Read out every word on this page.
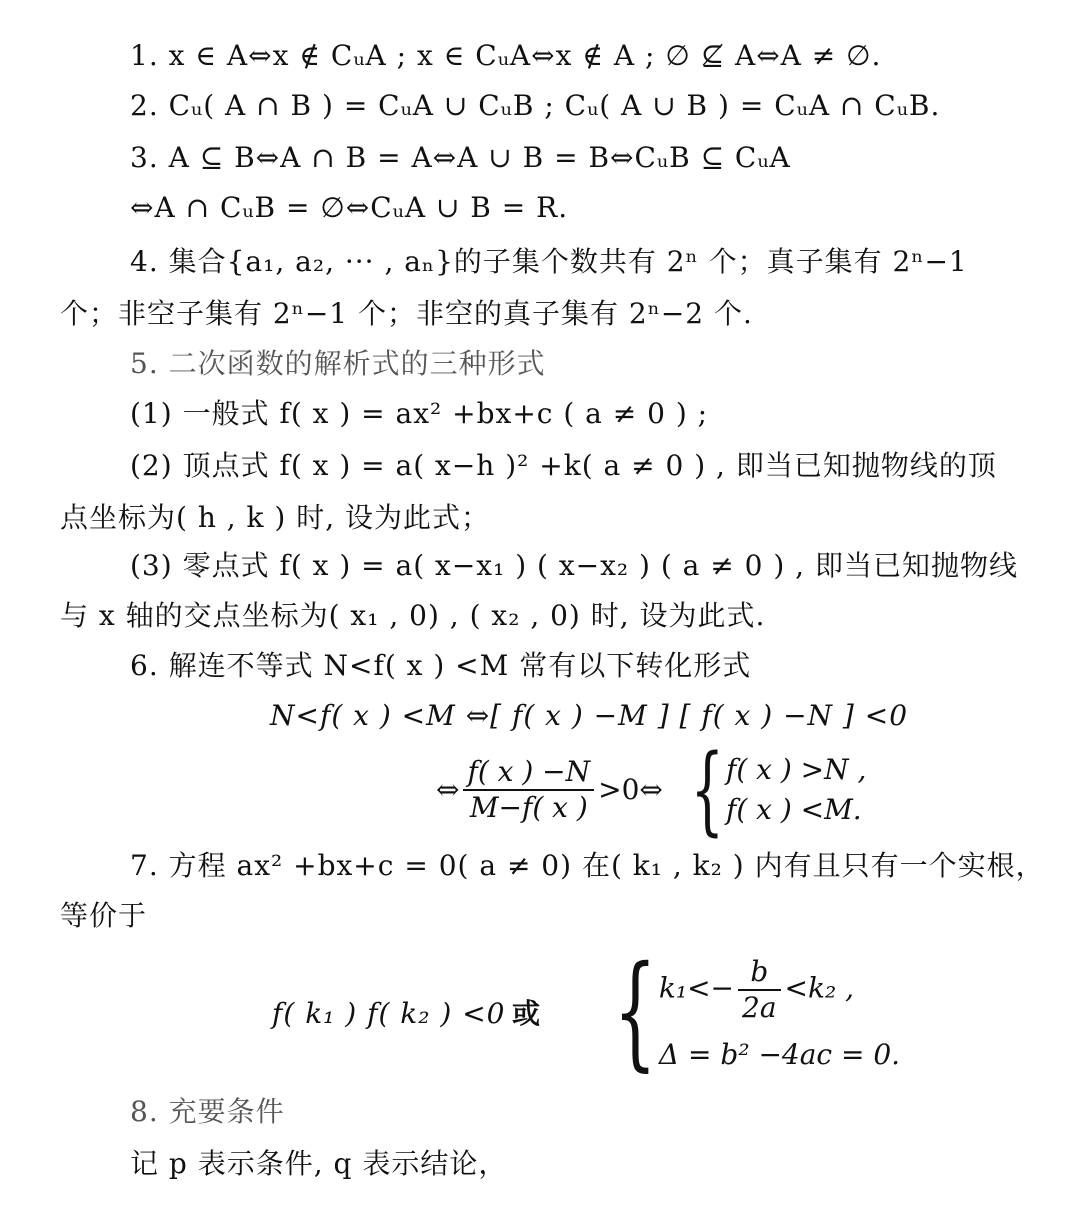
1. x ∈ A⇔x ∉ CᵤA ; x ∈ CᵤA⇔x ∉ A ; ∅ ⊈ A⇔A ≠ ∅.
2. Cᵤ( A ∩ B ) = CᵤA ∪ CᵤB ; Cᵤ( A ∪ B ) = CᵤA ∩ CᵤB.
3. A ⊆ B⇔A ∩ B = A⇔A ∪ B = B⇔CᵤB ⊆ CᵤA
⇔A ∩ CᵤB = ∅⇔CᵤA ∪ B = R.
4. 集合{a₁, a₂, ··· , aₙ}的子集个数共有 2ⁿ 个；真子集有 2ⁿ−1
个；非空子集有 2ⁿ−1 个；非空的真子集有 2ⁿ−2 个.
5. 二次函数的解析式的三种形式
(1) 一般式 f( x ) = ax² +bx+c ( a ≠ 0 ) ;
(2) 顶点式 f( x ) = a( x−h )² +k( a ≠ 0 ) , 即当已知抛物线的顶
点坐标为( h , k ) 时, 设为此式；
(3) 零点式 f( x ) = a( x−x₁ ) ( x−x₂ ) ( a ≠ 0 ) , 即当已知抛物线
与 x 轴的交点坐标为( x₁ , 0) , ( x₂ , 0) 时, 设为此式.
6. 解连不等式 N<f( x ) <M 常有以下转化形式
N<f( x ) <M ⇔[ f( x ) −M ] [ f( x ) −N ] <0
⇔ $\frac{f( x ) -N}{M-f( x )}$ >0⇔ { f( x ) >N ,
f( x ) <M.
7. 方程 ax² +bx+c = 0( a ≠ 0) 在( k₁ , k₂ ) 内有且只有一个实根，
等价于
f( k₁ ) f( k₂ ) <0 或 { $k_1<- \frac{b}{2a} <k_2$ ,
Δ = b² −4ac = 0.
8. 充要条件
记 p 表示条件, q 表示结论，
